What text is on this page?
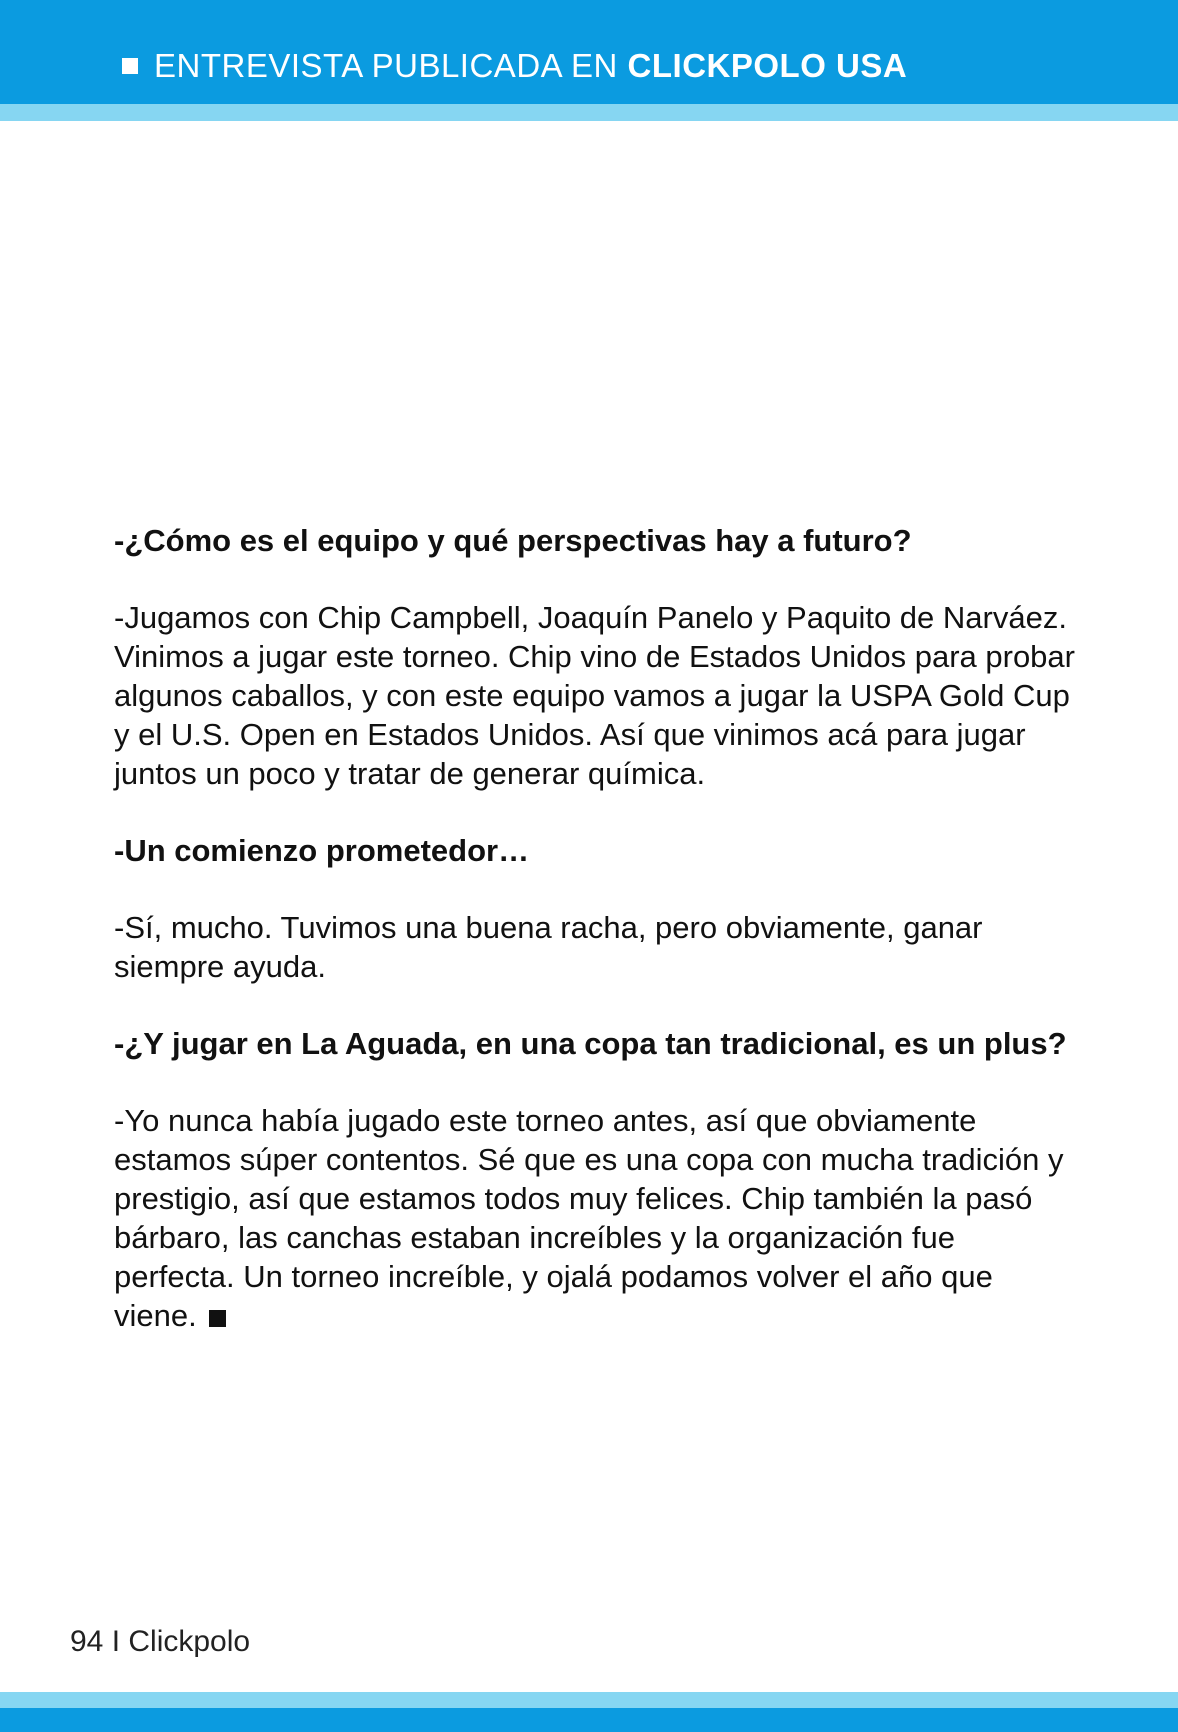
ENTREVISTA PUBLICADA EN CLICKPOLO USA

-¿Cómo es el equipo y qué perspectivas hay a futuro?

-Jugamos con Chip Campbell, Joaquín Panelo y Paquito de Narváez. Vinimos a jugar este torneo. Chip vino de Estados Unidos para probar algunos caballos, y con este equipo vamos a jugar la USPA Gold Cup y el U.S. Open en Estados Unidos. Así que vinimos acá para jugar juntos un poco y tratar de generar química.

-Un comienzo prometedor…

-Sí, mucho. Tuvimos una buena racha, pero obviamente, ganar siempre ayuda.

-¿Y jugar en La Aguada, en una copa tan tradicional, es un plus?

-Yo nunca había jugado este torneo antes, así que obviamente estamos súper contentos. Sé que es una copa con mucha tradición y prestigio, así que estamos todos muy felices. Chip también la pasó bárbaro, las canchas estaban increíbles y la organización fue perfecta. Un torneo increíble, y ojalá podamos volver el año que viene.

94 I Clickpolo
